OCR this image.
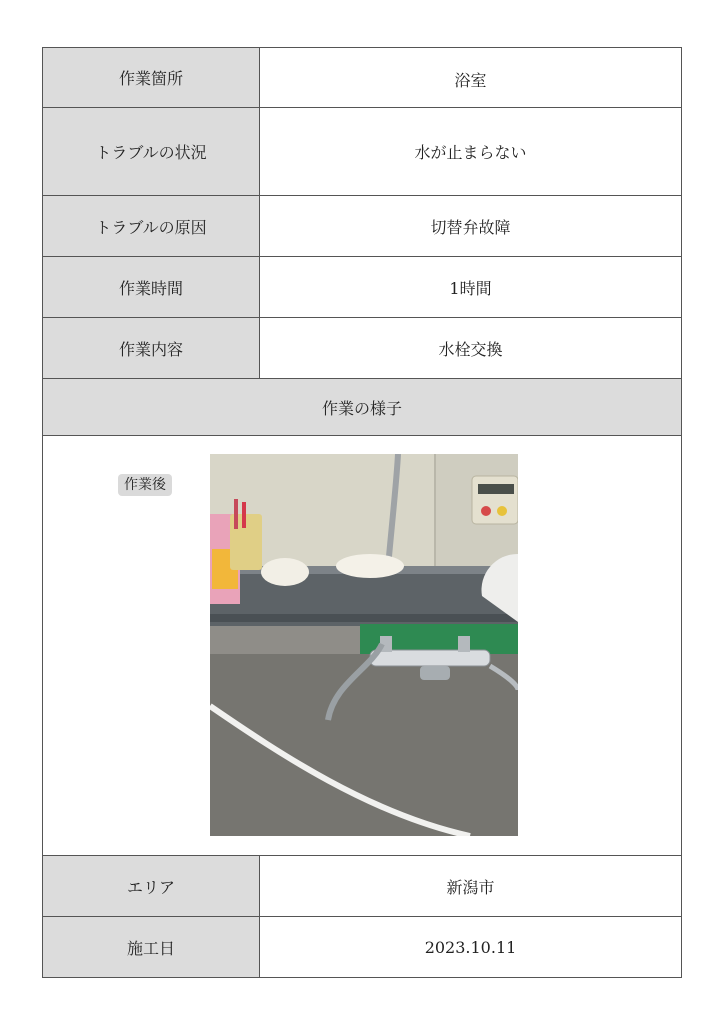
作業箇所	浴室
トラブルの状況	水が止まらない
トラブルの原因	切替弁故障
作業時間	1時間
作業内容	水栓交換
作業の様子
作業後
エリア	新潟市
施工日	2023.10.11
